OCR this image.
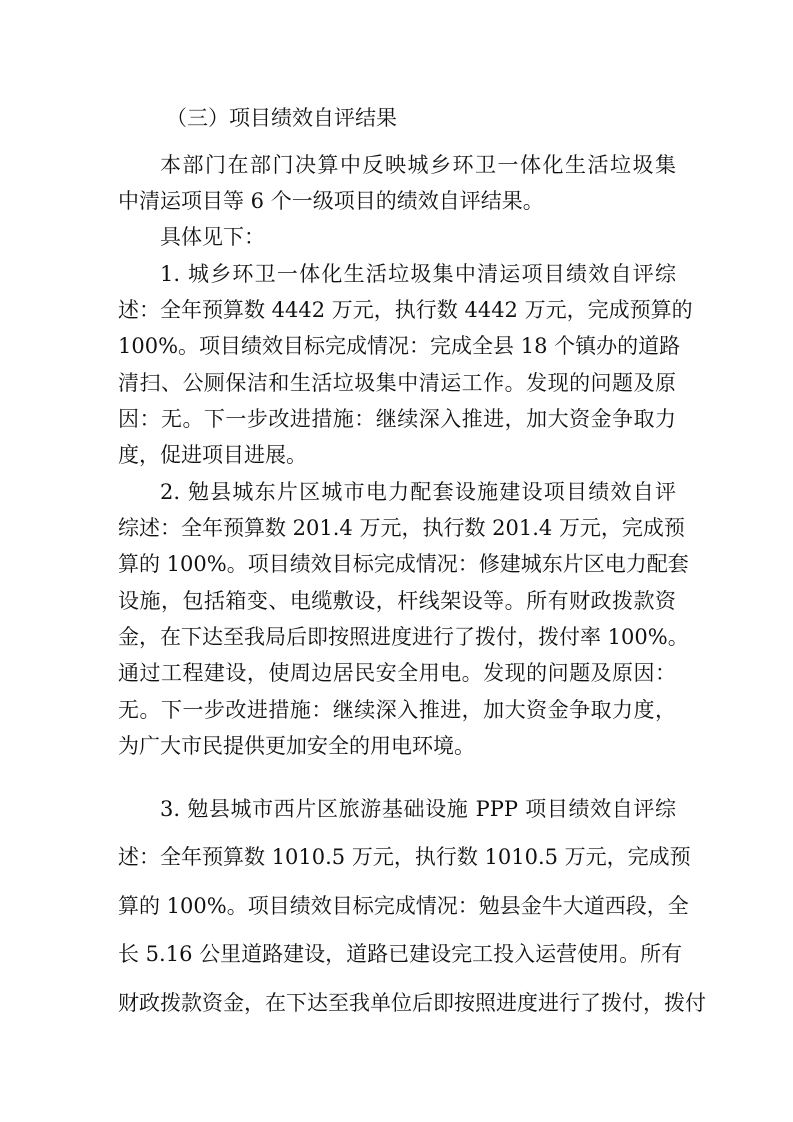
（三）项目绩效自评结果
本部门在部门决算中反映城乡环卫一体化生活垃圾集
中清运项目等 6 个一级项目的绩效自评结果。
具体见下：
1. 城乡环卫一体化生活垃圾集中清运项目绩效自评综
述：全年预算数 4442 万元，执行数 4442 万元，完成预算的
100%。项目绩效目标完成情况：完成全县 18 个镇办的道路
清扫、公厕保洁和生活垃圾集中清运工作。发现的问题及原
因：无。下一步改进措施：继续深入推进，加大资金争取力
度，促进项目进展。
2. 勉县城东片区城市电力配套设施建设项目绩效自评
综述：全年预算数 201.4 万元，执行数 201.4 万元，完成预
算的 100%。项目绩效目标完成情况：修建城东片区电力配套
设施，包括箱变、电缆敷设，杆线架设等。所有财政拨款资
金，在下达至我局后即按照进度进行了拨付，拨付率 100%。
通过工程建设，使周边居民安全用电。发现的问题及原因：
无。下一步改进措施：继续深入推进，加大资金争取力度，
为广大市民提供更加安全的用电环境。
3. 勉县城市西片区旅游基础设施 PPP 项目绩效自评综
述：全年预算数 1010.5 万元，执行数 1010.5 万元，完成预
算的 100%。项目绩效目标完成情况：勉县金牛大道西段，全
长 5.16 公里道路建设，道路已建设完工投入运营使用。所有
财政拨款资金，在下达至我单位后即按照进度进行了拨付，拨付
